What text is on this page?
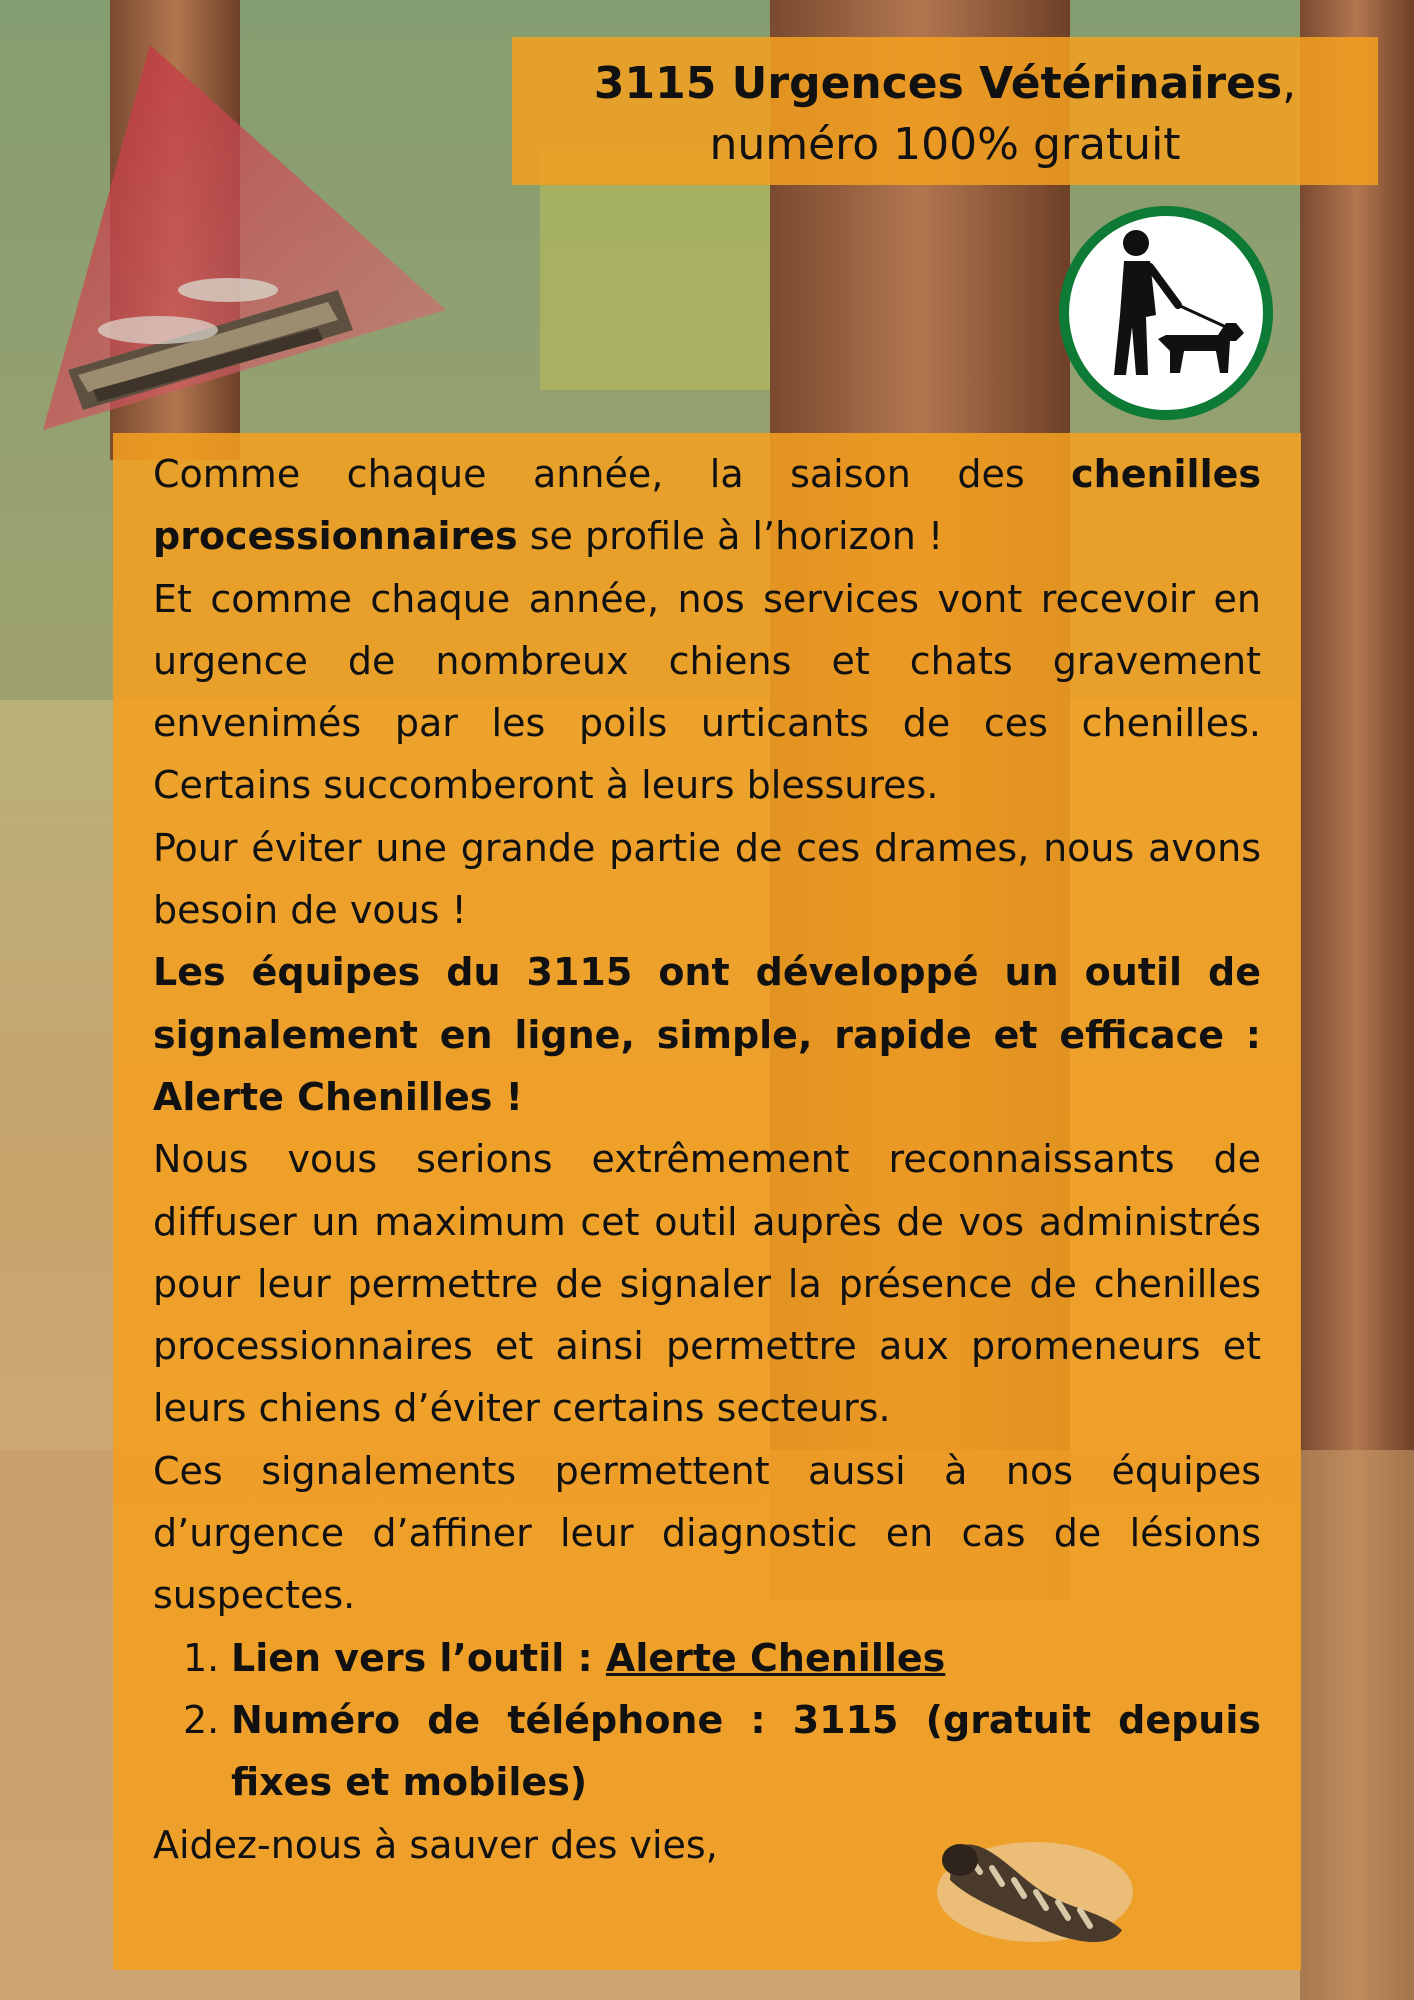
3115 Urgences Vétérinaires,
numéro 100% gratuit

Comme chaque année, la saison des chenilles processionnaires se profile à l’horizon !

Et comme chaque année, nos services vont recevoir en urgence de nombreux chiens et chats gravement envenimés par les poils urticants de ces chenilles. Certains succomberont à leurs blessures.

Pour éviter une grande partie de ces drames, nous avons besoin de vous !

Les équipes du 3115 ont développé un outil de signalement en ligne, simple, rapide et efficace : Alerte Chenilles !

Nous vous serions extrêmement reconnaissants de diffuser un maximum cet outil auprès de vos administrés pour leur permettre de signaler la présence de chenilles processionnaires et ainsi permettre aux promeneurs et leurs chiens d’éviter certains secteurs.

Ces signalements permettent aussi à nos équipes d’urgence d’affiner leur diagnostic en cas de lésions suspectes.

1. Lien vers l’outil : Alerte Chenilles
2. Numéro de téléphone : 3115 (gratuit depuis fixes et mobiles)

Aidez-nous à sauver des vies,
